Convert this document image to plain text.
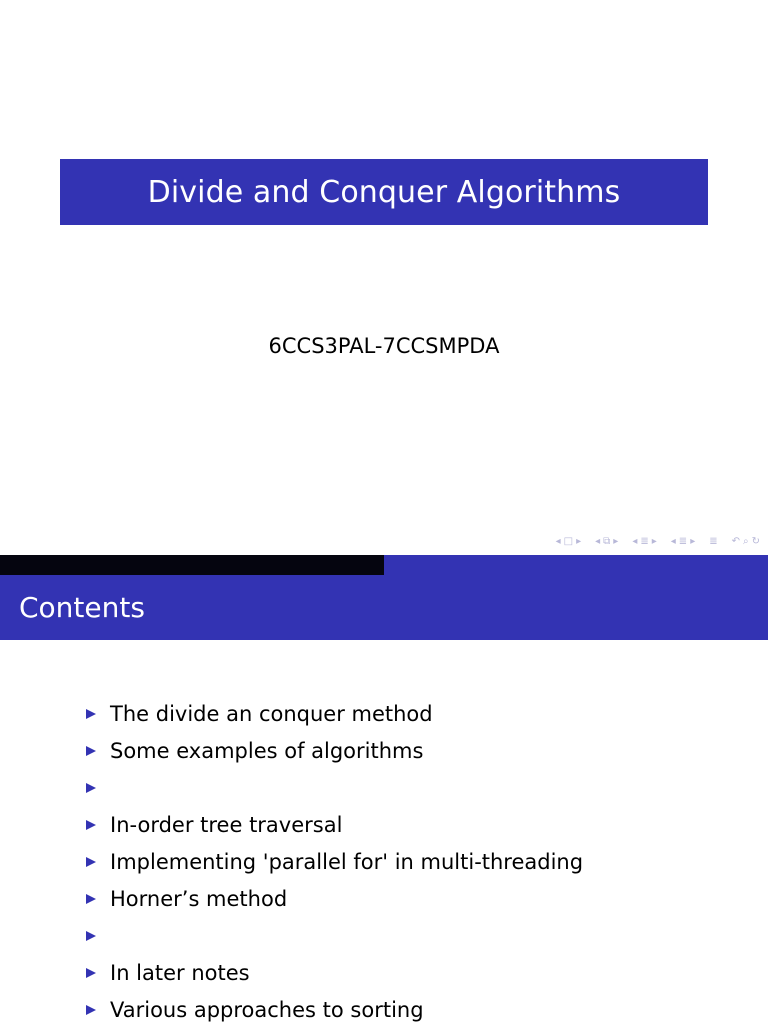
Divide and Conquer Algorithms
6CCS3PAL-7CCSMPDA
◂ □ ▸ ◂ ⧉ ▸ ◂ ≣ ▸ ◂ ≣ ▸ ≣ ↶ ⌕ ↻
Contents
The divide an conquer method
Some examples of algorithms
In-order tree traversal
Implementing 'parallel for' in multi-threading
Horner’s method
In later notes
Various approaches to sorting
